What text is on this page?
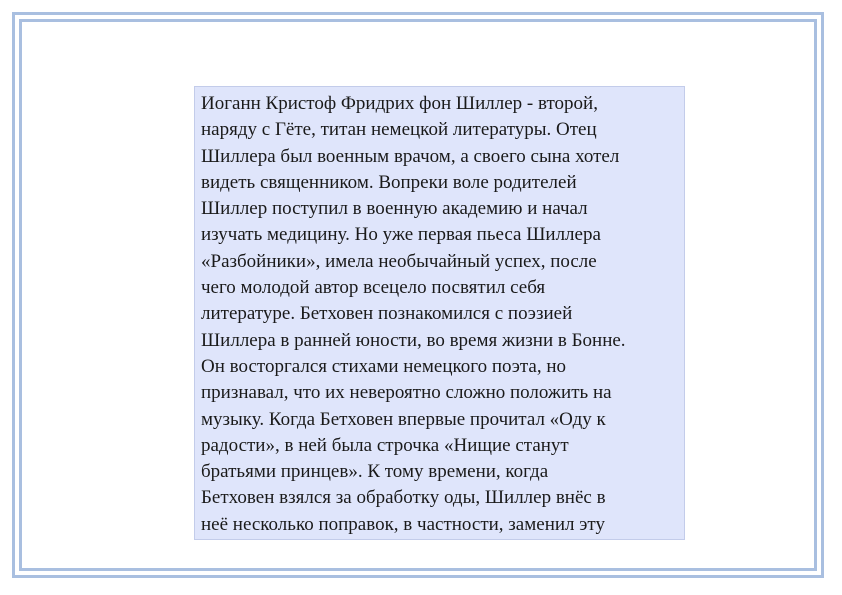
Иоганн Кристоф Фридрих фон Шиллер - второй,
наряду с Гёте, титан немецкой литературы. Отец
Шиллера был военным врачом, а своего сына хотел
видеть священником. Вопреки воле родителей
Шиллер поступил в военную академию и начал
изучать медицину. Но уже первая пьеса Шиллера
«Разбойники», имела необычайный успех, после
чего молодой автор всецело посвятил себя
литературе. Бетховен познакомился с поэзией
Шиллера в ранней юности, во время жизни в Бонне.
Он восторгался стихами немецкого поэта, но
признавал, что их невероятно сложно положить на
музыку. Когда Бетховен впервые прочитал «Оду к
радости», в ней была строчка «Нищие станут
братьями принцев». К тому времени, когда
Бетховен взялся за обработку оды, Шиллер внёс в
неё несколько поправок, в частности, заменил эту
